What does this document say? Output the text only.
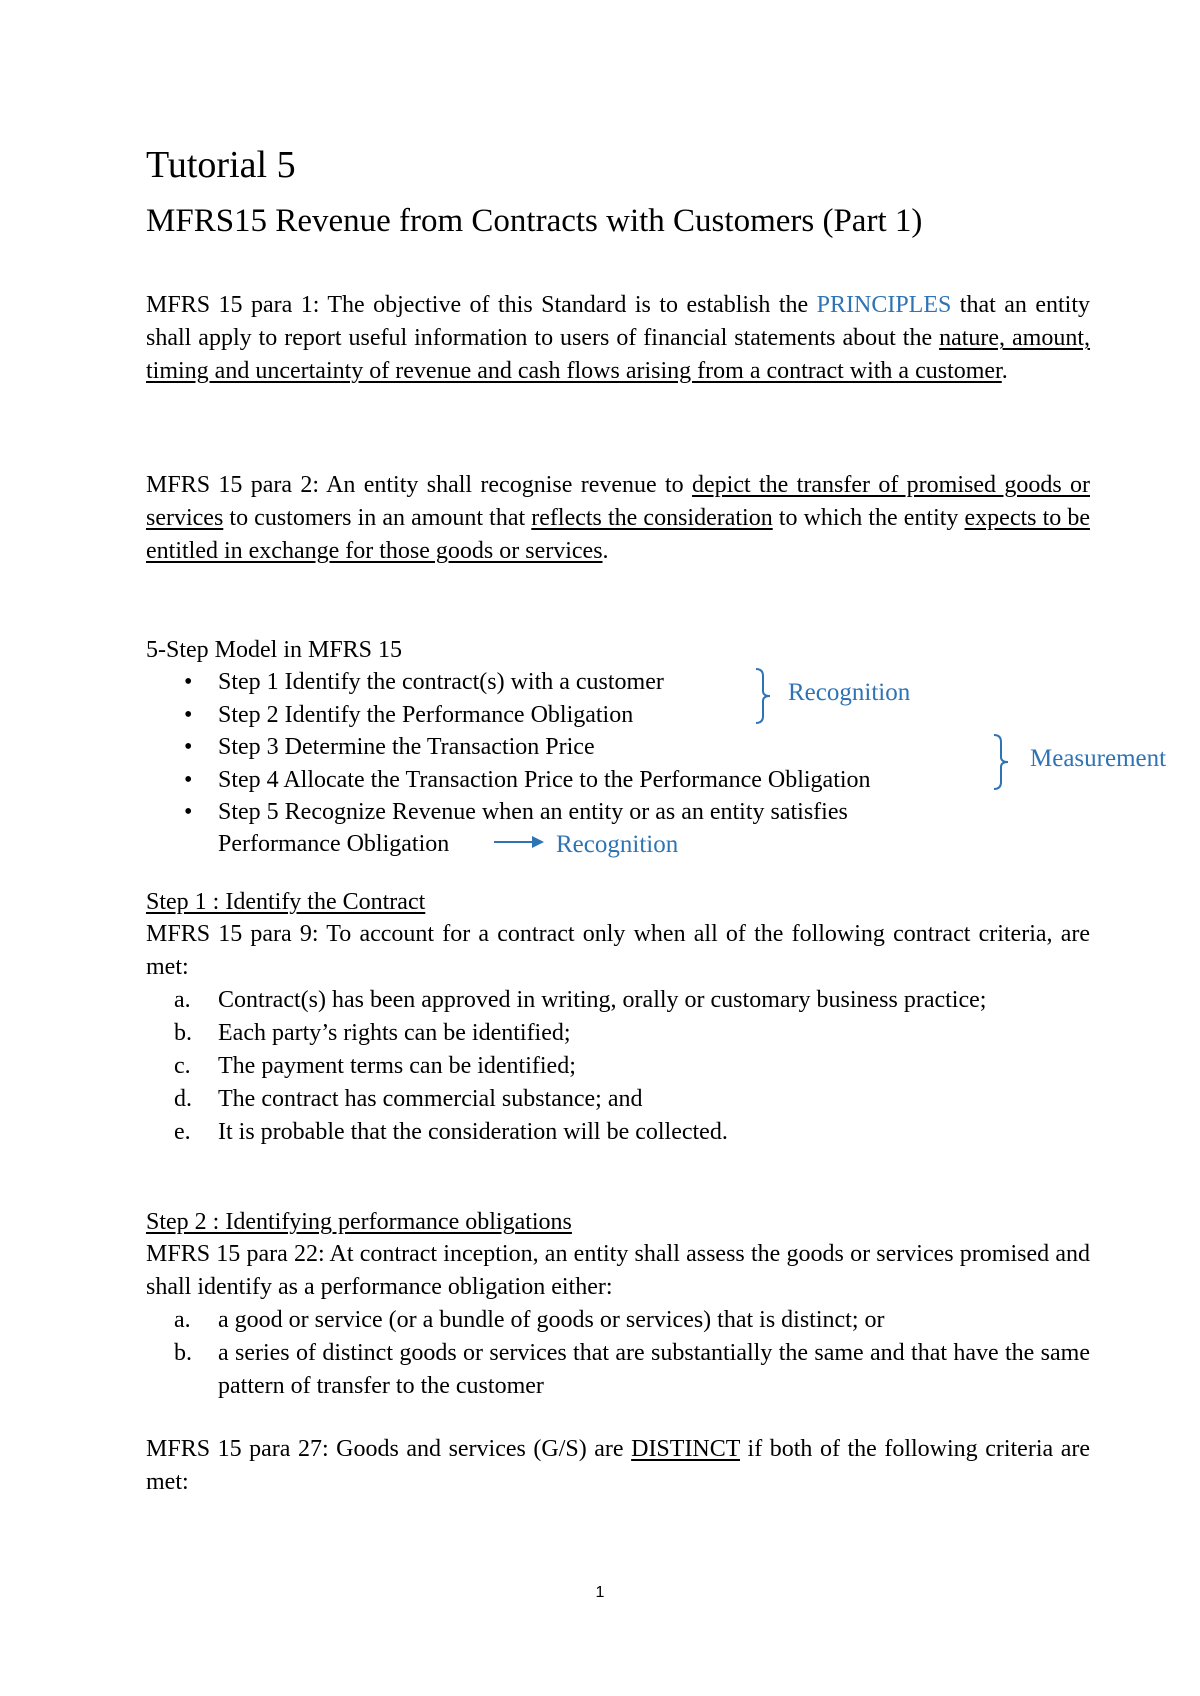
Tutorial 5
MFRS15 Revenue from Contracts with Customers (Part 1)

MFRS 15 para 1: The objective of this Standard is to establish the PRINCIPLES that an entity shall apply to report useful information to users of financial statements about the nature, amount, timing and uncertainty of revenue and cash flows arising from a contract with a customer.

MFRS 15 para 2: An entity shall recognise revenue to depict the transfer of promised goods or services to customers in an amount that reflects the consideration to which the entity expects to be entitled in exchange for those goods or services.

5-Step Model in MFRS 15

• Step 1 Identify the contract(s) with a customer
• Step 2 Identify the Performance Obligation
• Step 3 Determine the Transaction Price
• Step 4 Allocate the Transaction Price to the Performance Obligation
• Step 5 Recognize Revenue when an entity or as an entity satisfies
Performance Obligation
Recognition
Measurement
Recognition

Step 1 : Identify the Contract

MFRS 15 para 9: To account for a contract only when all of the following contract criteria, are met:

a. Contract(s) has been approved in writing, orally or customary business practice;
b. Each party’s rights can be identified;
c. The payment terms can be identified;
d. The contract has commercial substance; and
e. It is probable that the consideration will be collected.

Step 2 : Identifying performance obligations

MFRS 15 para 22: At contract inception, an entity shall assess the goods or services promised and shall identify as a performance obligation either:

a. a good or service (or a bundle of goods or services) that is distinct; or
b. a series of distinct goods or services that are substantially the same and that have the same pattern of transfer to the customer

MFRS 15 para 27: Goods and services (G/S) are DISTINCT if both of the following criteria are met:

1
